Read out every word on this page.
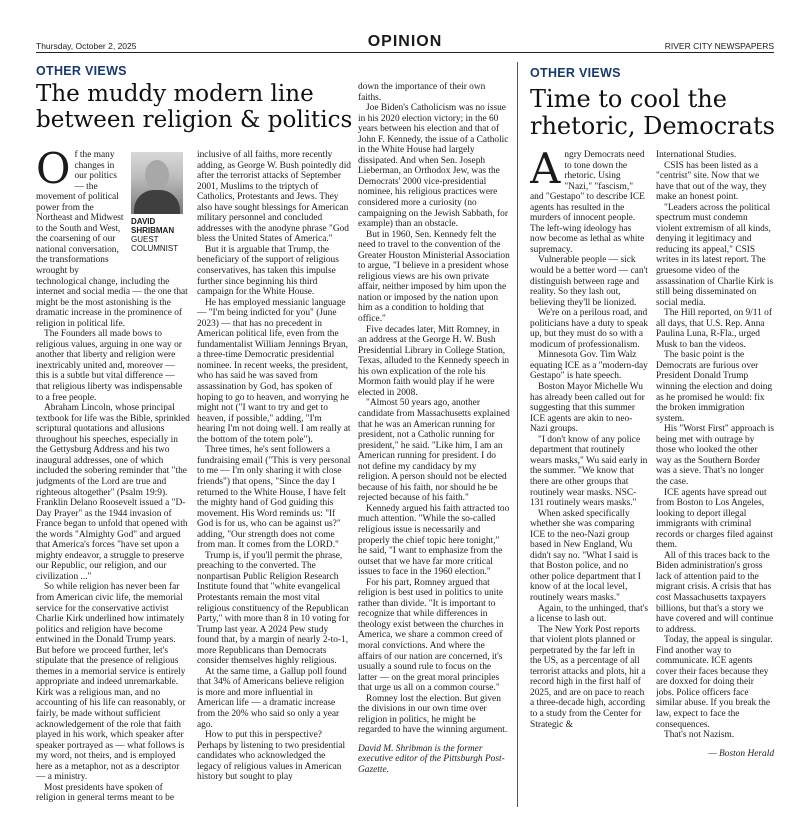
Thursday, October 2, 2025	OPINION	RIVER CITY NEWSPAPERS
OTHER VIEWS
The muddy modern line
between religion & politics
DAVID
SHRIBMAN
GUEST
COLUMNIST

Of the many changes in our politics — the movement of political power from the Northeast and Midwest to the South and West, the coarsening of our national conversation, the transformations wrought by technological change, including the internet and social media — the one that might be the most astonishing is the dramatic increase in the prominence of religion in political life.

The Founders all made bows to religious values, arguing in one way or another that liberty and religion were inextricably united and, moreover — this is a subtle but vital difference — that religious liberty was indispensable to a free people.

Abraham Lincoln, whose principal textbook for life was the Bible, sprinkled scriptural quotations and allusions throughout his speeches, especially in the Gettysburg Address and his two inaugural addresses, one of which included the sobering reminder that "the judgments of the Lord are true and righteous altogether" (Psalm 19:9). Franklin Delano Roosevelt issued a "D-Day Prayer" as the 1944 invasion of France began to unfold that opened with the words "Almighty God" and argued that America's forces "have set upon a mighty endeavor, a struggle to preserve our Republic, our religion, and our civilization ..."

So while religion has never been far from American civic life, the memorial service for the conservative activist Charlie Kirk underlined how intimately politics and religion have become entwined in the Donald Trump years. But before we proceed further, let's stipulate that the presence of religious themes in a memorial service is entirely appropriate and indeed unremarkable. Kirk was a religious man, and no accounting of his life can reasonably, or fairly, be made without sufficient acknowledgement of the role that faith played in his work, which speaker after speaker portrayed as — what follows is my word, not theirs, and is employed here as a metaphor, not as a descriptor — a ministry.

Most presidents have spoken of religion in general terms meant to be

inclusive of all faiths, more recently adding, as George W. Bush pointedly did after the terrorist attacks of September 2001, Muslims to the triptych of Catholics, Protestants and Jews. They also have sought blessings for American military personnel and concluded addresses with the anodyne phrase "God bless the United States of America."

But it is arguable that Trump, the beneficiary of the support of religious conservatives, has taken this impulse further since beginning his third campaign for the White House.

He has employed messianic language — "I'm being indicted for you" (June 2023) — that has no precedent in American political life, even from the fundamentalist William Jennings Bryan, a three-time Democratic presidential nominee. In recent weeks, the president, who has said he was saved from assassination by God, has spoken of hoping to go to heaven, and worrying he might not ("I want to try and get to heaven, if possible," adding, "I'm hearing I'm not doing well. I am really at the bottom of the totem pole").

Three times, he's sent followers a fundraising email ("This is very personal to me — I'm only sharing it with close friends") that opens, "Since the day I returned to the White House, I have felt the mighty hand of God guiding this movement. His Word reminds us: "If God is for us, who can be against us?" adding, "Our strength does not come from man. It comes from the LORD."

Trump is, if you'll permit the phrase, preaching to the converted. The nonpartisan Public Religion Research Institute found that "white evangelical Protestants remain the most vital religious constituency of the Republican Party," with more than 8 in 10 voting for Trump last year. A 2024 Pew study found that, by a margin of nearly 2-to-1, more Republicans than Democrats consider themselves highly religious.

At the same time, a Gallup poll found that 34% of Americans believe religion is more and more influential in American life — a dramatic increase from the 20% who said so only a year ago.

How to put this in perspective? Perhaps by listening to two presidential candidates who acknowledged the legacy of religious values in American history but sought to play

down the importance of their own faiths.

Joe Biden's Catholicism was no issue in his 2020 election victory; in the 60 years between his election and that of John F. Kennedy, the issue of a Catholic in the White House had largely dissipated. And when Sen. Joseph Lieberman, an Orthodox Jew, was the Democrats' 2000 vice-presidential nominee, his religious practices were considered more a curiosity (no campaigning on the Jewish Sabbath, for example) than an obstacle.

But in 1960, Sen. Kennedy felt the need to travel to the convention of the Greater Houston Ministerial Association to argue, "I believe in a president whose religious views are his own private affair, neither imposed by him upon the nation or imposed by the nation upon him as a condition to holding that office."

Five decades later, Mitt Romney, in an address at the George H. W. Bush Presidential Library in College Station, Texas, alluded to the Kennedy speech in his own explication of the role his Mormon faith would play if he were elected in 2008.

"Almost 50 years ago, another candidate from Massachusetts explained that he was an American running for president, not a Catholic running for president," he said. "Like him, I am an American running for president. I do not define my candidacy by my religion. A person should not be elected because of his faith, nor should he be rejected because of his faith."

Kennedy argued his faith attracted too much attention. "While the so-called religious issue is necessarily and properly the chief topic here tonight," he said, "I want to emphasize from the outset that we have far more critical issues to face in the 1960 election."

For his part, Romney argued that religion is best used in politics to unite rather than divide. "It is important to recognize that while differences in theology exist between the churches in America, we share a common creed of moral convictions. And where the affairs of our nation are concerned, it's usually a sound rule to focus on the latter — on the great moral principles that urge us all on a common course."

Romney lost the election. But given the divisions in our own time over religion in politics, he might be regarded to have the winning argument.

David M. Shribman is the former executive editor of the Pittsburgh Post-Gazette.

OTHER VIEWS
Time to cool the
rhetoric, Democrats

Angry Democrats need to tone down the rhetoric. Using "Nazi," "fascism," and "Gestapo" to describe ICE agents has resulted in the murders of innocent people. The left-wing ideology has now become as lethal as white supremacy.

Vulnerable people — sick would be a better word — can't distinguish between rage and reality. So they lash out, believing they'll be lionized.

We're on a perilous road, and politicians have a duty to speak up, but they must do so with a modicum of professionalism.

Minnesota Gov. Tim Walz equating ICE as a "modern-day Gestapo" is hate speech.

Boston Mayor Michelle Wu has already been called out for suggesting that this summer ICE agents are akin to neo-Nazi groups.

"I don't know of any police department that routinely wears masks," Wu said early in the summer. "We know that there are other groups that routinely wear masks. NSC-131 routinely wears masks."

When asked specifically whether she was comparing ICE to the neo-Nazi group based in New England, Wu didn't say no. "What I said is that Boston police, and no other police department that I know of at the local level, routinely wears masks."

Again, to the unhinged, that's a license to lash out.

The New York Post reports that violent plots planned or perpetrated by the far left in the US, as a percentage of all terrorist attacks and plots, hit a record high in the first half of 2025, and are on pace to reach a three-decade high, according to a study from the Center for Strategic &

International Studies.

CSIS has been listed as a "centrist" site. Now that we have that out of the way, they make an honest point.

"Leaders across the political spectrum must condemn violent extremism of all kinds, denying it legitimacy and reducing its appeal," CSIS writes in its latest report. The gruesome video of the assassination of Charlie Kirk is still being disseminated on social media.

The Hill reported, on 9/11 of all days, that U.S. Rep. Anna Paulina Luna, R-Fla., urged Musk to ban the videos.

The basic point is the Democrats are furious over President Donald Trump winning the election and doing as he promised he would: fix the broken immigration system.

His "Worst First" approach is being met with outrage by those who looked the other way as the Southern Border was a sieve. That's no longer the case.

ICE agents have spread out from Boston to Los Angeles, looking to deport illegal immigrants with criminal records or charges filed against them.

All of this traces back to the Biden administration's gross lack of attention paid to the migrant crisis. A crisis that has cost Massachusetts taxpayers billions, but that's a story we have covered and will continue to address.

Today, the appeal is singular. Find another way to communicate. ICE agents cover their faces because they are doxxed for doing their jobs. Police officers face similar abuse. If you break the law, expect to face the consequences.

That's not Nazism.

— Boston Herald
